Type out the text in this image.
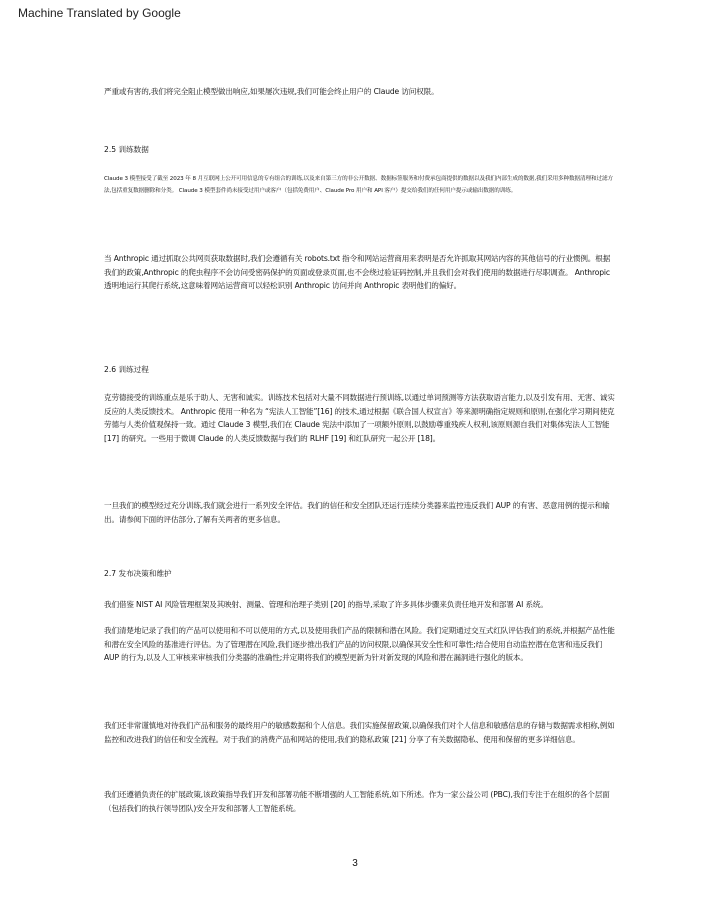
Machine Translated by Google

严重或有害的,我们将完全阻止模型做出响应,如果屡次违规,我们可能会终止用户的 Claude 访问权限。

2.5 训练数据

Claude 3 模型接受了截至 2023 年 8 月互联网上公开可用信息的专有组合的训练,以及来自第三方的非公开数据、数据标签服务和付费承包商提供的数据以及我们内部生成的数据,我们采用多种数据清理和过滤方法,包括重复数据删除和分类。 Claude 3 模型套件尚未接受过用户或客户（包括免费用户、Claude Pro 用户和 API 客户）提交给我们的任何用户提示或输出数据的训练。

当 Anthropic 通过抓取公共网页获取数据时,我们会遵循有关 robots.txt 指令和网站运营商用来表明是否允许抓取其网站内容的其他信号的行业惯例。根据我们的政策,Anthropic 的爬虫程序不会访问受密码保护的页面或登录页面,也不会绕过验证码控制,并且我们会对我们使用的数据进行尽职调查。 Anthropic 透明地运行其爬行系统,这意味着网站运营商可以轻松识别 Anthropic 访问并向 Anthropic 表明他们的偏好。

2.6 训练过程

克劳德接受的训练重点是乐于助人、无害和诚实。训练技术包括对大量不同数据进行预训练,以通过单词预测等方法获取语言能力,以及引发有用、无害、诚实反应的人类反馈技术。 Anthropic 使用一种名为 “宪法人工智能”[16] 的技术,通过根据《联合国人权宣言》等来源明确指定规则和原则,在强化学习期间使克劳德与人类价值观保持一致。通过 Claude 3 模型,我们在 Claude 宪法中添加了一项额外原则,以鼓励尊重残疾人权利,该原则源自我们对集体宪法人工智能 [17] 的研究。一些用于微调 Claude 的人类反馈数据与我们的 RLHF [19] 和红队研究一起公开 [18]。

一旦我们的模型经过充分训练,我们就会进行一系列安全评估。我们的信任和安全团队还运行连续分类器来监控违反我们 AUP 的有害、恶意用例的提示和输出。请参阅下面的评估部分,了解有关两者的更多信息。

2.7 发布决策和维护

我们借鉴 NIST AI 风险管理框架及其映射、测量、管理和治理子类别 [20] 的指导,采取了许多具体步骤来负责任地开发和部署 AI 系统。

我们清楚地记录了我们的产品可以使用和不可以使用的方式,以及使用我们产品的限制和潜在风险。我们定期通过交互式红队评估我们的系统,并根据产品性能和潜在安全风险的基准进行评估。为了管理潜在风险,我们逐步推出我们产品的访问权限,以确保其安全性和可靠性;结合使用自动监控潜在危害和违反我们 AUP 的行为,以及人工审核来审核我们分类器的准确性;并定期将我们的模型更新为针对新发现的风险和潜在漏洞进行强化的版本。

我们还非常谨慎地对待我们产品和服务的最终用户的敏感数据和个人信息。我们实施保留政策,以确保我们对个人信息和敏感信息的存储与数据需求相称,例如监控和改进我们的信任和安全流程。对于我们的消费产品和网站的使用,我们的隐私政策 [21] 分享了有关数据隐私、使用和保留的更多详细信息。

我们还遵循负责任的扩展政策,该政策指导我们开发和部署功能不断增强的人工智能系统,如下所述。作为一家公益公司 (PBC),我们专注于在组织的各个层面（包括我们的执行领导团队)安全开发和部署人工智能系统。

3
